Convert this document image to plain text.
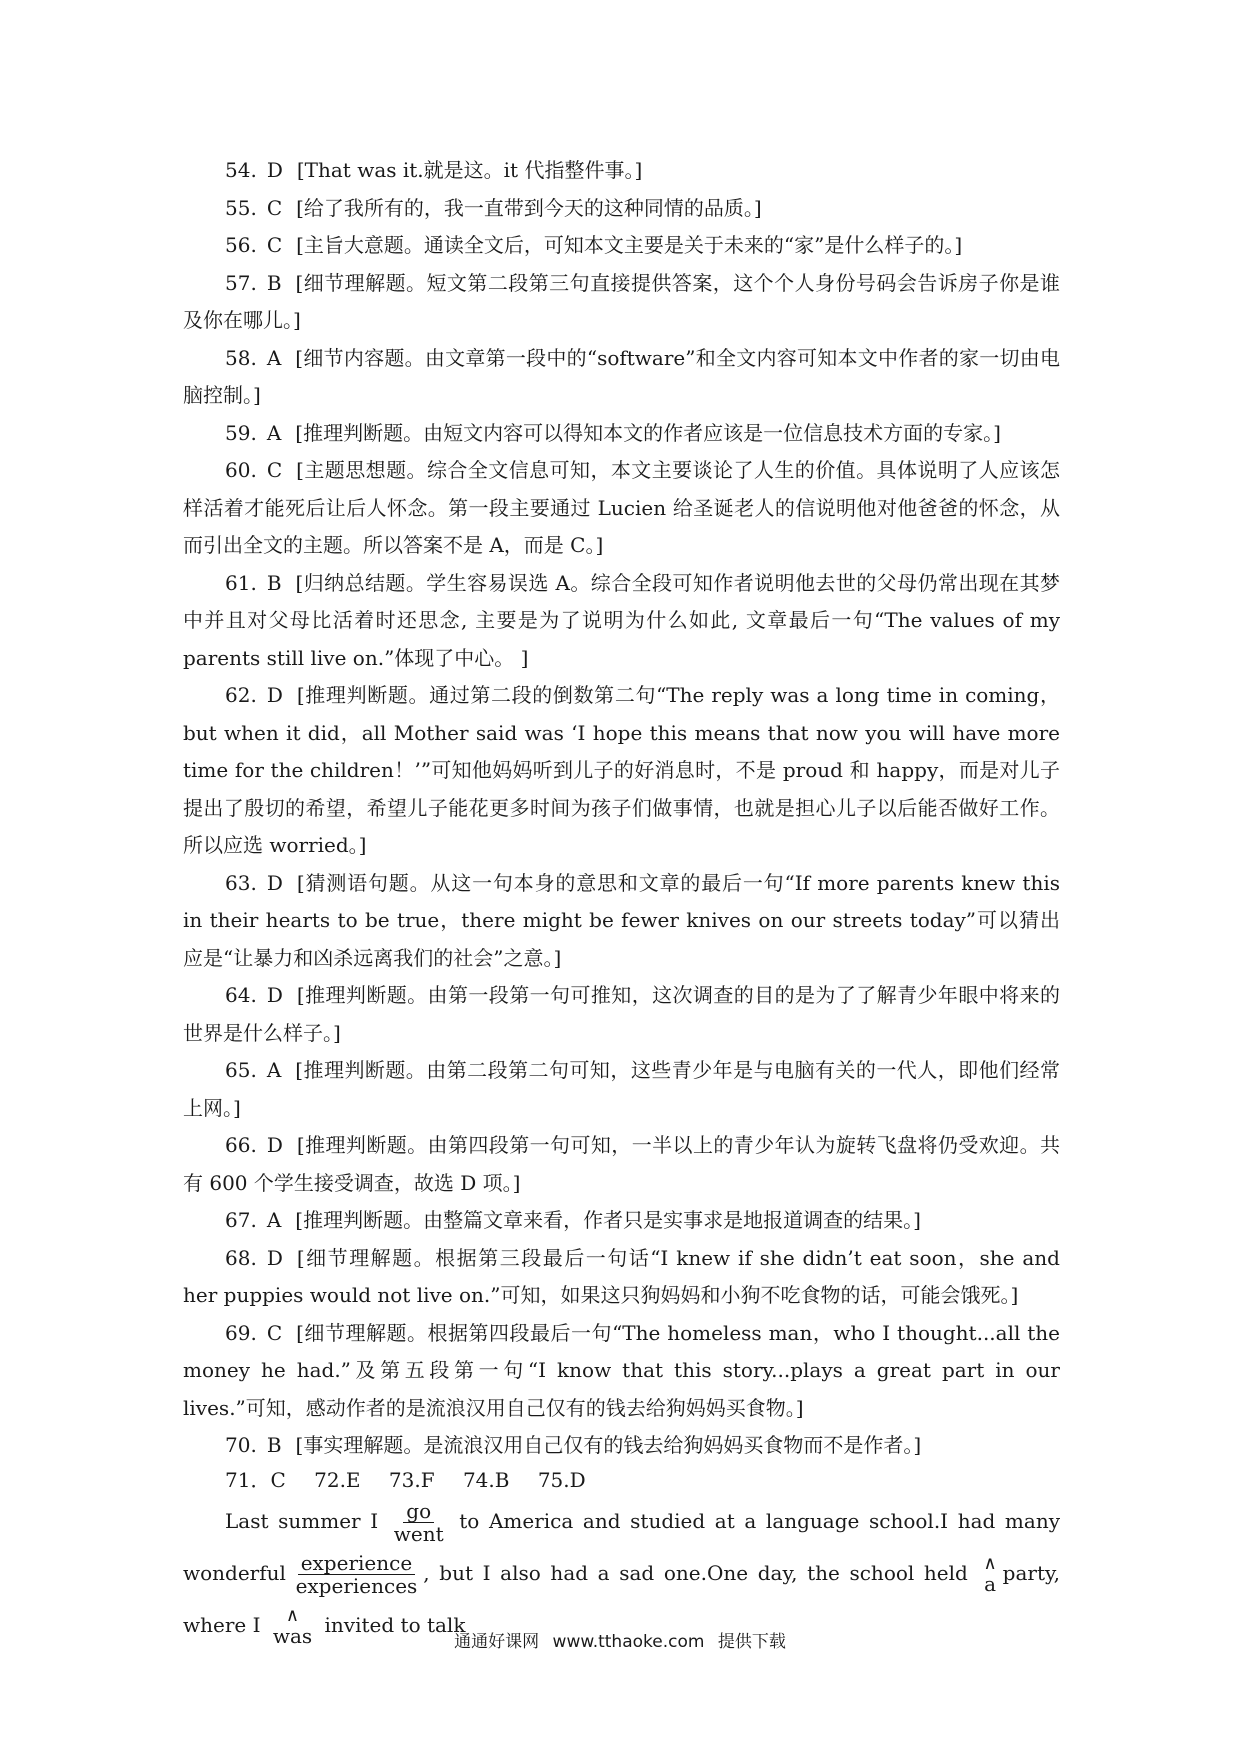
54. D [That was it.就是这。it 代指整件事。]

55. C [给了我所有的，我一直带到今天的这种同情的品质。]

56. C [主旨大意题。通读全文后，可知本文主要是关于未来的“家”是什么样子的。]

57. B [细节理解题。短文第二段第三句直接提供答案，这个个人身份号码会告诉房子你是谁及你在哪儿。]

58. A [细节内容题。由文章第一段中的“software”和全文内容可知本文中作者的家一切由电脑控制。]

59. A [推理判断题。由短文内容可以得知本文的作者应该是一位信息技术方面的专家。]

60. C [主题思想题。综合全文信息可知，本文主要谈论了人生的价值。具体说明了人应该怎样活着才能死后让后人怀念。第一段主要通过 Lucien 给圣诞老人的信说明他对他爸爸的怀念，从而引出全文的主题。所以答案不是 A，而是 C。]

61. B [归纳总结题。学生容易误选 A。综合全段可知作者说明他去世的父母仍常出现在其梦中并且对父母比活着时还思念, 主要是为了说明为什么如此, 文章最后一句“The values of my parents still live on.”体现了中心。 ]

62. D [推理判断题。通过第二段的倒数第二句“The reply was a long time in coming，but when it did，all Mother said was ‘I hope this means that now you will have more time for the children！’”可知他妈妈听到儿子的好消息时，不是 proud 和 happy，而是对儿子提出了殷切的希望，希望儿子能花更多时间为孩子们做事情，也就是担心儿子以后能否做好工作。所以应选 worried。]

63. D [猜测语句题。从这一句本身的意思和文章的最后一句“If more parents knew this in their hearts to be true，there might be fewer knives on our streets today”可以猜出应是“让暴力和凶杀远离我们的社会”之意。]

64. D [推理判断题。由第一段第一句可推知，这次调查的目的是为了了解青少年眼中将来的世界是什么样子。]

65. A [推理判断题。由第二段第二句可知，这些青少年是与电脑有关的一代人，即他们经常上网。]

66. D [推理判断题。由第四段第一句可知，一半以上的青少年认为旋转飞盘将仍受欢迎。共有 600 个学生接受调查，故选 D 项。]

67. A [推理判断题。由整篇文章来看，作者只是实事求是地报道调查的结果。]

68. D [细节理解题。根据第三段最后一句话“I knew if she didn’t eat soon，she and her puppies would not live on.”可知，如果这只狗妈妈和小狗不吃食物的话，可能会饿死。]

69. C [细节理解题。根据第四段最后一句“The homeless man，who I thought...all the money he had.”及第五段第一句“I know that this story...plays a great part in our lives.”可知，感动作者的是流浪汉用自己仅有的钱去给狗妈妈买食物。]

70. B [事实理解题。是流浪汉用自己仅有的钱去给狗妈妈买食物而不是作者。]

71．C 72.E 73.F 74.B 75.D

Last summer I $\frac{go}{\text{went}}$ to America and studied at a language school.I had many wonderful $\frac{\text{experience}}{\text{experiences}}$ , but I also had a sad one.One day, the school held ∧
a party, where I ∧
was invited to talk

通通好课网 www.tthaoke.com 提供下载
